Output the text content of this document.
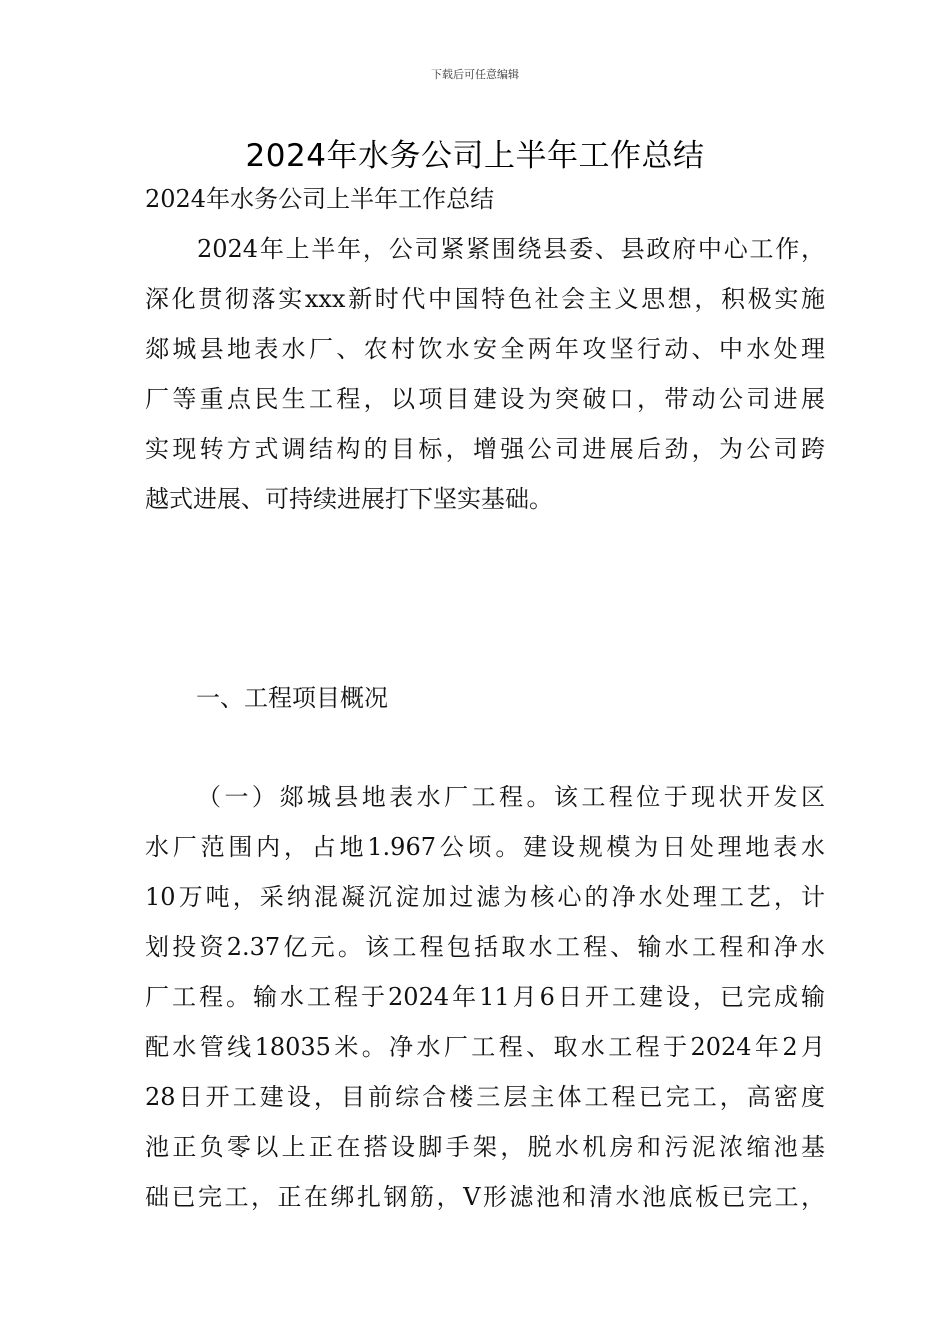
下载后可任意编辑
2024年水务公司上半年工作总结
2024年水务公司上半年工作总结
2024年上半年，公司紧紧围绕县委、县政府中心工作，
深化贯彻落实xxx新时代中国特色社会主义思想，积极实施
郯城县地表水厂、农村饮水安全两年攻坚行动、中水处理
厂等重点民生工程，以项目建设为突破口，带动公司进展
实现转方式调结构的目标，增强公司进展后劲，为公司跨
越式进展、可持续进展打下坚实基础。
一、工程项目概况
（一）郯城县地表水厂工程。该工程位于现状开发区
水厂范围内，占地1.967公顷。建设规模为日处理地表水
10万吨，采纳混凝沉淀加过滤为核心的净水处理工艺，计
划投资2.37亿元。该工程包括取水工程、输水工程和净水
厂工程。输水工程于2024年11月6日开工建设，已完成输
配水管线18035米。净水厂工程、取水工程于2024年2月
28日开工建设，目前综合楼三层主体工程已完工，高密度
池正负零以上正在搭设脚手架，脱水机房和污泥浓缩池基
础已完工，正在绑扎钢筋，V形滤池和清水池底板已完工，
